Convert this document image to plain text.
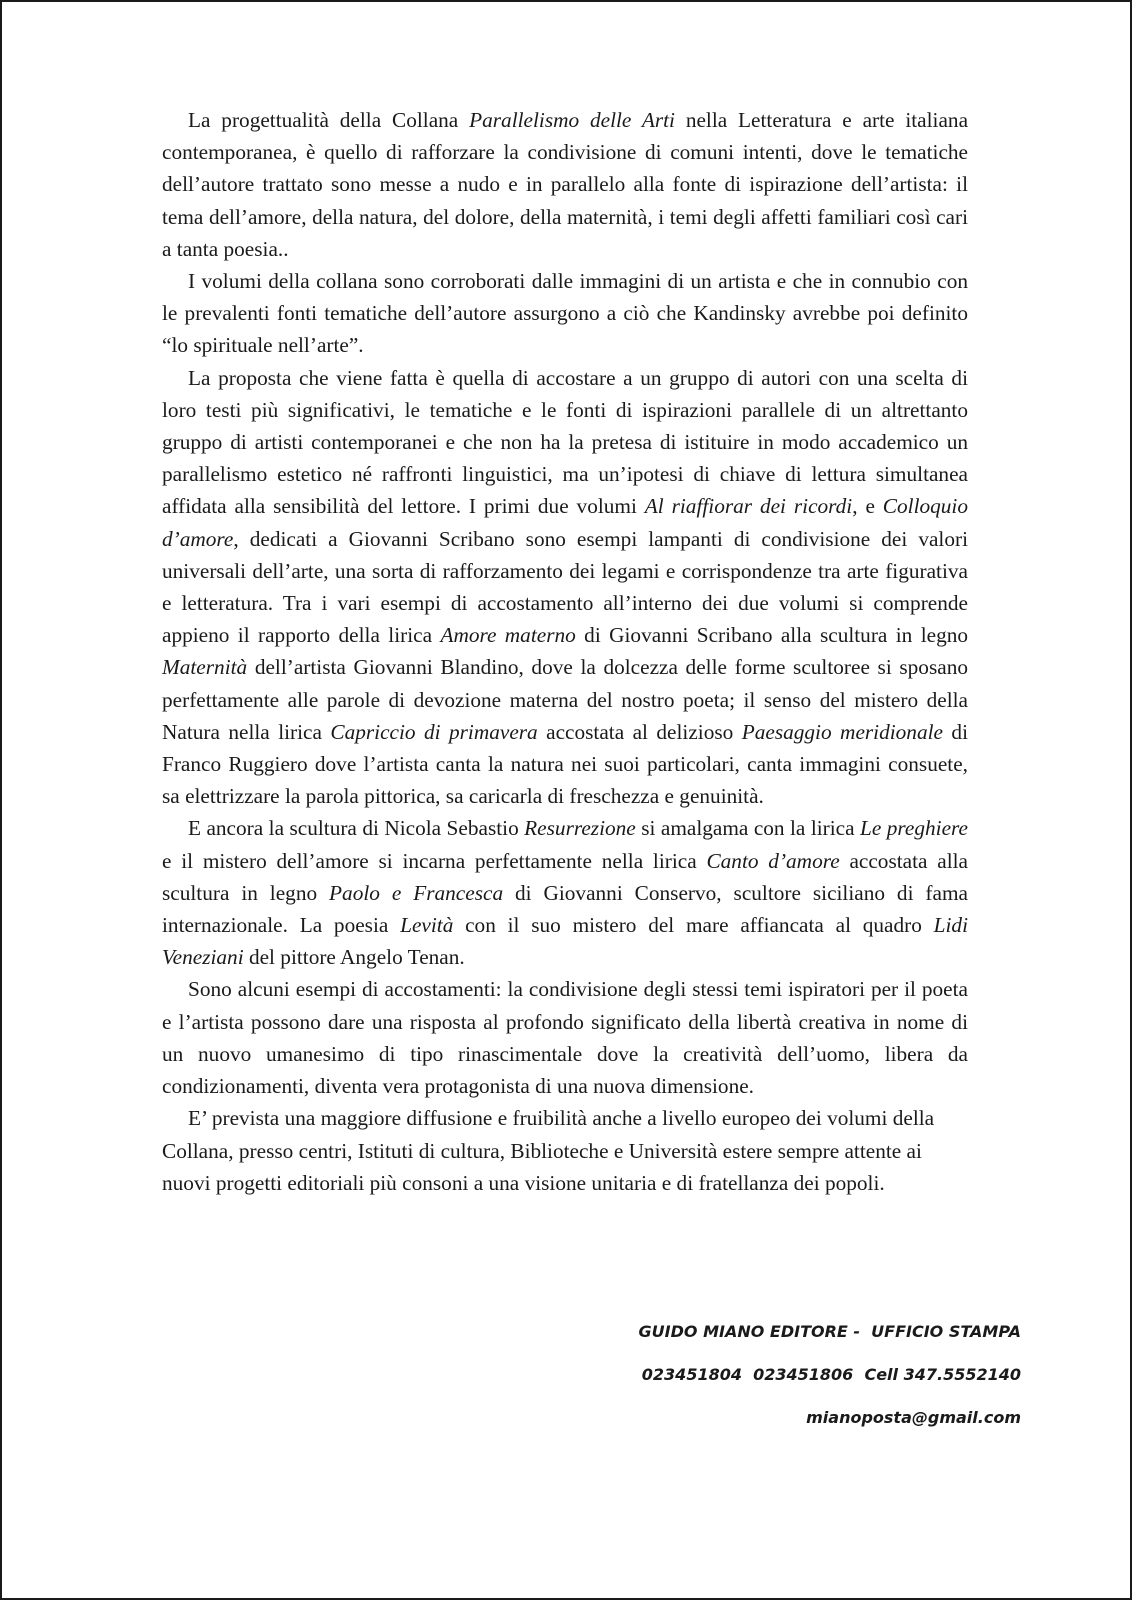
La progettualità della Collana Parallelismo delle Arti nella Letteratura e arte italiana contemporanea, è quello di rafforzare la condivisione di comuni intenti, dove le tematiche dell’autore trattato sono messe a nudo e in parallelo alla fonte di ispirazione dell’artista: il tema dell’amore, della natura, del dolore, della maternità, i temi degli affetti familiari così cari a tanta poesia..

I volumi della collana sono corroborati dalle immagini di un artista e che in connubio con le prevalenti fonti tematiche dell’autore assurgono a ciò che Kandinsky avrebbe poi definito “lo spirituale nell’arte”.

La proposta che viene fatta è quella di accostare a un gruppo di autori con una scelta di loro testi più significativi, le tematiche e le fonti di ispirazioni parallele di un altrettanto gruppo di artisti contemporanei e che non ha la pretesa di istituire in modo accademico un parallelismo estetico né raffronti linguistici, ma un’ipotesi di chiave di lettura simultanea affidata alla sensibilità del lettore. I primi due volumi Al riaffiorar dei ricordi, e Colloquio d’amore, dedicati a Giovanni Scribano sono esempi lampanti di condivisione dei valori universali dell’arte, una sorta di rafforzamento dei legami e corrispondenze tra arte figurativa e letteratura. Tra i vari esempi di accostamento all’interno dei due volumi si comprende appieno il rapporto della lirica Amore materno di Giovanni Scribano alla scultura in legno Maternità dell’artista Giovanni Blandino, dove la dolcezza delle forme scultoree si sposano perfettamente alle parole di devozione materna del nostro poeta; il senso del mistero della Natura nella lirica Capriccio di primavera accostata al delizioso Paesaggio meridionale di Franco Ruggiero dove l’artista canta la natura nei suoi particolari, canta immagini consuete, sa elettrizzare la parola pittorica, sa caricarla di freschezza e genuinità.

E ancora la scultura di Nicola Sebastio Resurrezione si amalgama con la lirica Le preghiere e il mistero dell’amore si incarna perfettamente nella lirica Canto d’amore accostata alla scultura in legno Paolo e Francesca di Giovanni Conservo, scultore siciliano di fama internazionale. La poesia Levità con il suo mistero del mare affiancata al quadro Lidi Veneziani del pittore Angelo Tenan.

Sono alcuni esempi di accostamenti: la condivisione degli stessi temi ispiratori per il poeta e l’artista possono dare una risposta al profondo significato della libertà creativa in nome di un nuovo umanesimo di tipo rinascimentale dove la creatività dell’uomo, libera da condizionamenti, diventa vera protagonista di una nuova dimensione.

E’ prevista una maggiore diffusione e fruibilità anche a livello europeo dei volumi della Collana, presso centri, Istituti di cultura, Biblioteche e Università estere sempre attente ai nuovi progetti editoriali più consoni a una visione unitaria e di fratellanza dei popoli.

GUIDO MIANO EDITORE -  UFFICIO STAMPA
023451804  023451806  Cell 347.5552140
mianoposta@gmail.com
